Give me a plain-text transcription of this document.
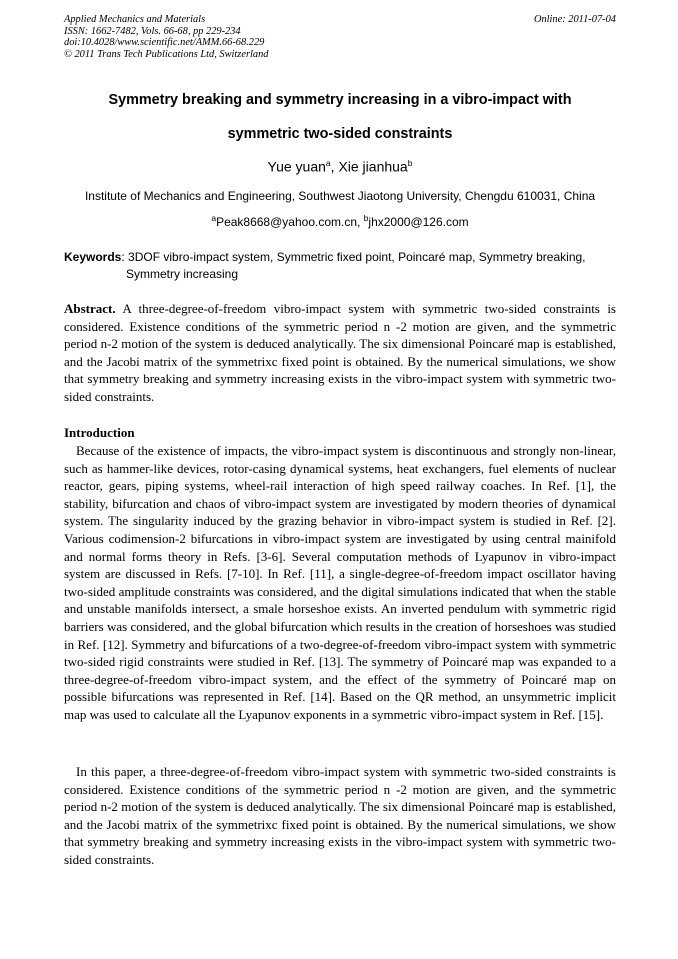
Applied Mechanics and Materials
ISSN: 1662-7482, Vols. 66-68, pp 229-234
doi:10.4028/www.scientific.net/AMM.66-68.229
© 2011 Trans Tech Publications Ltd, Switzerland
Online: 2011-07-04
Symmetry breaking and symmetry increasing in a vibro-impact with
symmetric two-sided constraints
Yue yuan$^a$, Xie jianhua$^b$
Institute of Mechanics and Engineering, Southwest Jiaotong University, Chengdu 610031, China
$^a$Peak8668@yahoo.com.cn, $^b$jhx2000@126.com
Keywords: 3DOF vibro-impact system, Symmetric fixed point, Poincaré map, Symmetry breaking,
Symmetry increasing
Abstract. A three-degree-of-freedom vibro-impact system with symmetric two-sided constraints is considered. Existence conditions of the symmetric period n -2 motion are given, and the symmetric period n-2 motion of the system is deduced analytically. The six dimensional Poincaré map is established, and the Jacobi matrix of the symmetrixc fixed point is obtained. By the numerical simulations, we show that symmetry breaking and symmetry increasing exists in the vibro-impact system with symmetric two-sided constraints.
Introduction
Because of the existence of impacts, the vibro-impact system is discontinuous and strongly non-linear, such as hammer-like devices, rotor-casing dynamical systems, heat exchangers, fuel elements of nuclear reactor, gears, piping systems, wheel-rail interaction of high speed railway coaches. In Ref. [1], the stability, bifurcation and chaos of vibro-impact system are investigated by modern theories of dynamical system. The singularity induced by the grazing behavior in vibro-impact system is studied in Ref. [2]. Various codimension-2 bifurcations in vibro-impact system are investigated by using central mainifold and normal forms theory in Refs. [3-6]. Several computation methods of Lyapunov in vibro-impact system are discussed in Refs. [7-10]. In Ref. [11], a single-degree-of-freedom impact oscillator having two-sided amplitude constraints was considered, and the digital simulations indicated that when the stable and unstable manifolds intersect, a smale horseshoe exists. An inverted pendulum with symmetric rigid barriers was considered, and the global bifurcation which results in the creation of horseshoes was studied in Ref. [12]. Symmetry and bifurcations of a two-degree-of-freedom vibro-impact system with symmetric two-sided rigid constraints were studied in Ref. [13]. The symmetry of Poincaré map was expanded to a three-degree-of-freedom vibro-impact system, and the effect of the symmetry of Poincaré map on possible bifurcations was represented in Ref. [14]. Based on the QR method, an unsymmetric implicit map was used to calculate all the Lyapunov exponents in a symmetric vibro-impact system in Ref. [15].
In this paper, a three-degree-of-freedom vibro-impact system with symmetric two-sided constraints is considered. Existence conditions of the symmetric period n -2 motion are given, and the symmetric period n-2 motion of the system is deduced analytically. The six dimensional Poincaré map is established, and the Jacobi matrix of the symmetrixc fixed point is obtained. By the numerical simulations, we show that symmetry breaking and symmetry increasing exists in the vibro-impact system with symmetric two-sided constraints.
